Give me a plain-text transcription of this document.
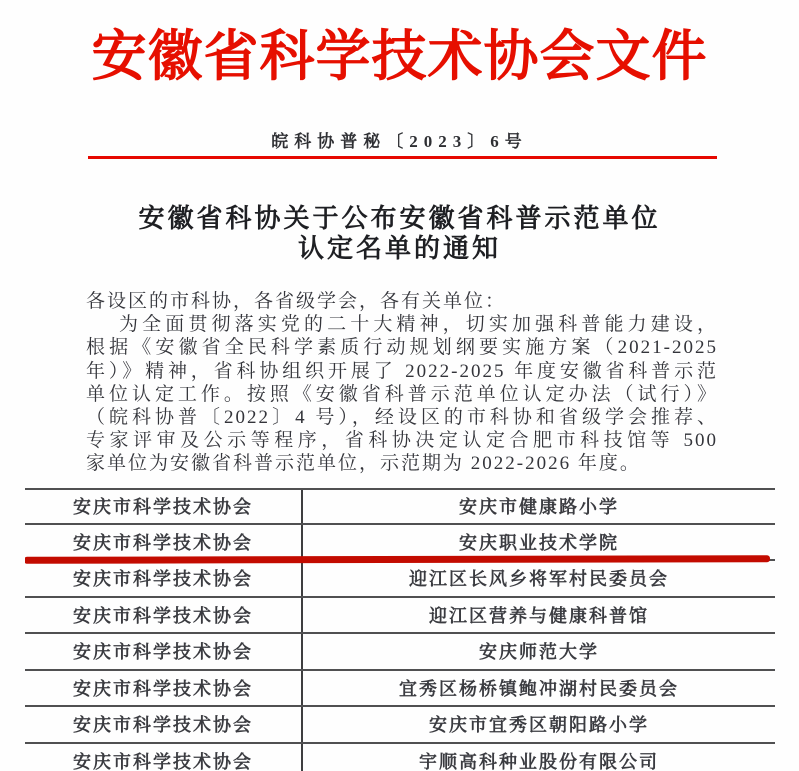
安徽省科学技术协会文件
皖科协普秘〔2023〕6号
安徽省科协关于公布安徽省科普示范单位
认定名单的通知
各设区的市科协，各省级学会，各有关单位：
为全面贯彻落实党的二十大精神，切实加强科普能力建设，
根据《安徽省全民科学素质行动规划纲要实施方案（2021-2025
年）》精神，省科协组织开展了 2022-2025 年度安徽省科普示范
单位认定工作。按照《安徽省科普示范单位认定办法（试行）》
（皖科协普〔2022〕4 号），经设区的市科协和省级学会推荐、
专家评审及公示等程序，省科协决定认定合肥市科技馆等 500
家单位为安徽省科普示范单位，示范期为 2022-2026 年度。
安庆市科学技术协会	安庆市健康路小学
安庆市科学技术协会	安庆职业技术学院
安庆市科学技术协会	迎江区长风乡将军村民委员会
安庆市科学技术协会	迎江区营养与健康科普馆
安庆市科学技术协会	安庆师范大学
安庆市科学技术协会	宜秀区杨桥镇鲍冲湖村民委员会
安庆市科学技术协会	安庆市宜秀区朝阳路小学
安庆市科学技术协会	宇顺高科种业股份有限公司
